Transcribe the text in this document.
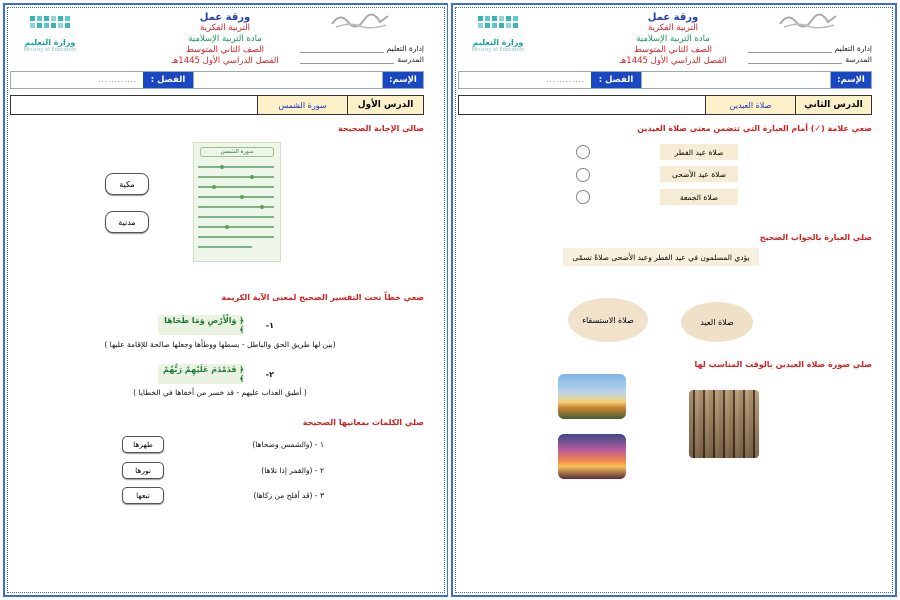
إدارة التعليم
المدرسة
ورقة عمل
التربية الفكرية
مادة التربية الإسلامية
الصف الثاني المتوسط
الفصل الدراسي الأول 1445هـ
وزارة التعليم
Ministry of Education
الإسم:
الفصل :
............
الدرس الأول
سورة الشمس
ضالي الإجابة الصحيحة
سورة الشمس
مكية
مدنية
ضعي خطاً تحت التفسير الصحيح لمعنى الآية الكريمة
١-
﴿ وَالْأَرْضِ وَمَا طَحَاهَا ﴾
(بين لها طريق الحق والباطل - بسطها ووطأها وجعلها صالحة للإقامة عليها )
٢-
﴿ فَدَمْدَمَ عَلَيْهِمْ رَبُّهُمْ ﴾
( أطبق العذاب عليهم - قد خسر من أخفاها في الخطايا )
صلي الكلمات بمعانيها الصحيحة
١ - (والشمس وضحاها)
٢ - (والقمر إذا تلاها)
٣ - (قد أفلح من زكاها)
طهرها
نورها
تبعها
إدارة التعليم
المدرسة
ورقة عمل
التربية الفكرية
مادة التربية الإسلامية
الصف الثاني المتوسط
الفصل الدراسي الأول 1445هـ
وزارة التعليم
Ministry of Education
الإسم:
الفصل :
............
الدرس الثاني
صلاة العيدين
ضعي علامة (✓) أمام العبارة التي تتضمن معنى صلاة العيدين
صلاة عيد الفطر
صلاة عيد الأضحى
صلاة الجمعة
صلي العبارة بالجواب الصحيح
يؤدي المسلمون في عيد الفطر وعيد الأضحى صلاةً تسمّى
صلاة الاستسقاء	صلاة العيد
صلي صورة صلاة العيدين بالوقت المناسب لها
